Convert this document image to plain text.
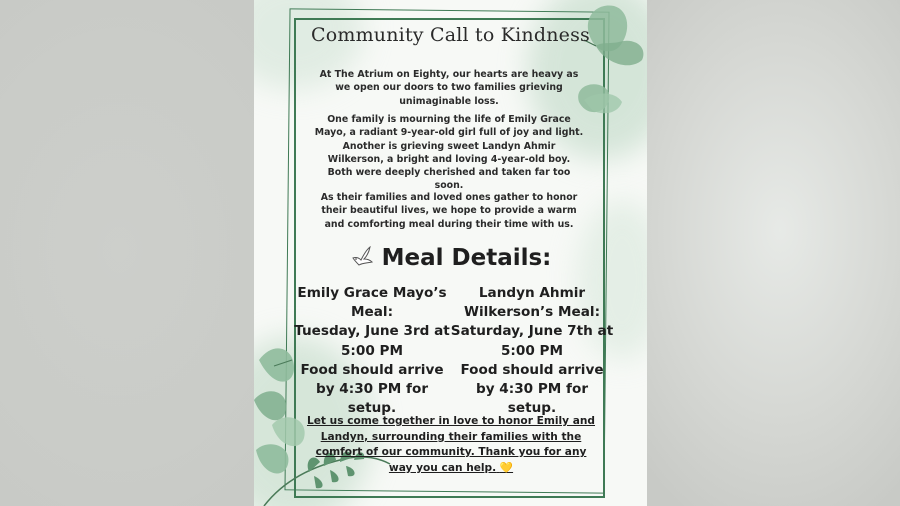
Community Call to Kindness
At The Atrium on Eighty, our hearts are heavy as we open our doors to two families grieving unimaginable loss.
One family is mourning the life of Emily Grace Mayo, a radiant 9-year-old girl full of joy and light. Another is grieving sweet Landyn Ahmir Wilkerson, a bright and loving 4-year-old boy. Both were deeply cherished and taken far too soon.
As their families and loved ones gather to honor their beautiful lives, we hope to provide a warm and comforting meal during their time with us.
Meal Details:
Emily Grace Mayo’s Meal:
Tuesday, June 3rd at 5:00 PM
Food should arrive by 4:30 PM for setup.
Landyn Ahmir Wilkerson’s Meal:
Saturday, June 7th at 5:00 PM
Food should arrive by 4:30 PM for setup.
Let us come together in love to honor Emily and Landyn, surrounding their families with the comfort of our community. Thank you for any way you can help. 💛
